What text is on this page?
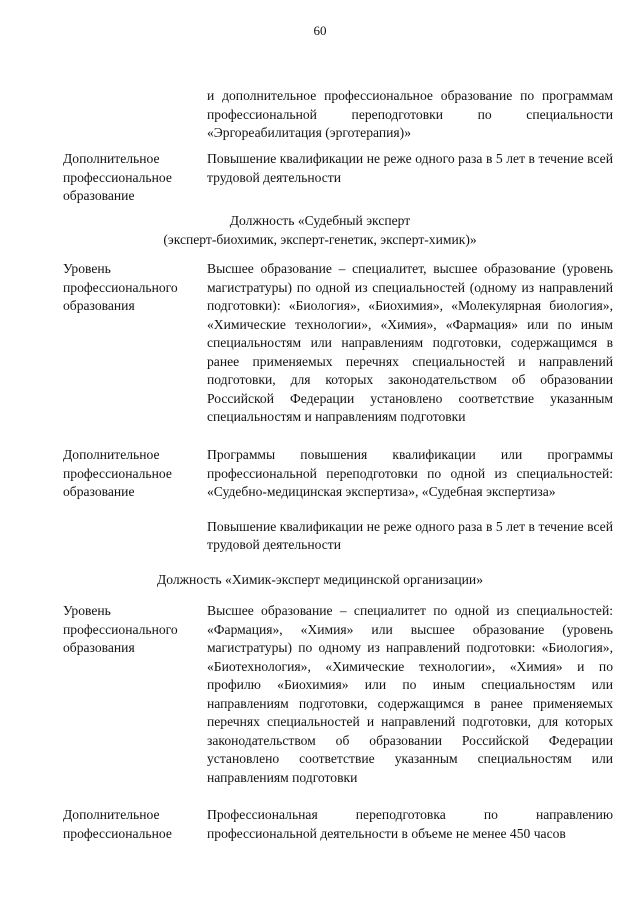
60

и дополнительное профессиональное образование по программам профессиональной переподготовки по специальности «Эргореабилитация (эрготерапия)»

Дополнительное профессиональное образование

Повышение квалификации не реже одного раза в 5 лет в течение всей трудовой деятельности

Должность «Судебный эксперт
(эксперт-биохимик, эксперт-генетик, эксперт-химик)»
Уровень профессионального образования

Высшее образование – специалитет, высшее образование (уровень магистратуры) по одной из специальностей (одному из направлений подготовки): «Биология», «Биохимия», «Молекулярная биология», «Химические технологии», «Химия», «Фармация» или по иным специальностям или направлениям подготовки, содержащимся в ранее применяемых перечнях специальностей и направлений подготовки, для которых законодательством об образовании Российской Федерации установлено соответствие указанным специальностям и направлениям подготовки

Дополнительное профессиональное образование

Программы повышения квалификации или программы профессиональной переподготовки по одной из специальностей: «Судебно-медицинская экспертиза», «Судебная экспертиза»

Повышение квалификации не реже одного раза в 5 лет в течение всей трудовой деятельности

Должность «Химик-эксперт медицинской организации»
Уровень профессионального образования

Высшее образование – специалитет по одной из специальностей: «Фармация», «Химия» или высшее образование (уровень магистратуры) по одному из направлений подготовки: «Биология», «Биотехнология», «Химические технологии», «Химия» и по профилю «Биохимия» или по иным специальностям или направлениям подготовки, содержащимся в ранее применяемых перечнях специальностей и направлений подготовки, для которых законодательством об образовании Российской Федерации установлено соответствие указанным специальностям или направлениям подготовки

Дополнительное профессиональное

Профессиональная переподготовка по направлению профессиональной деятельности в объеме не менее 450 часов
